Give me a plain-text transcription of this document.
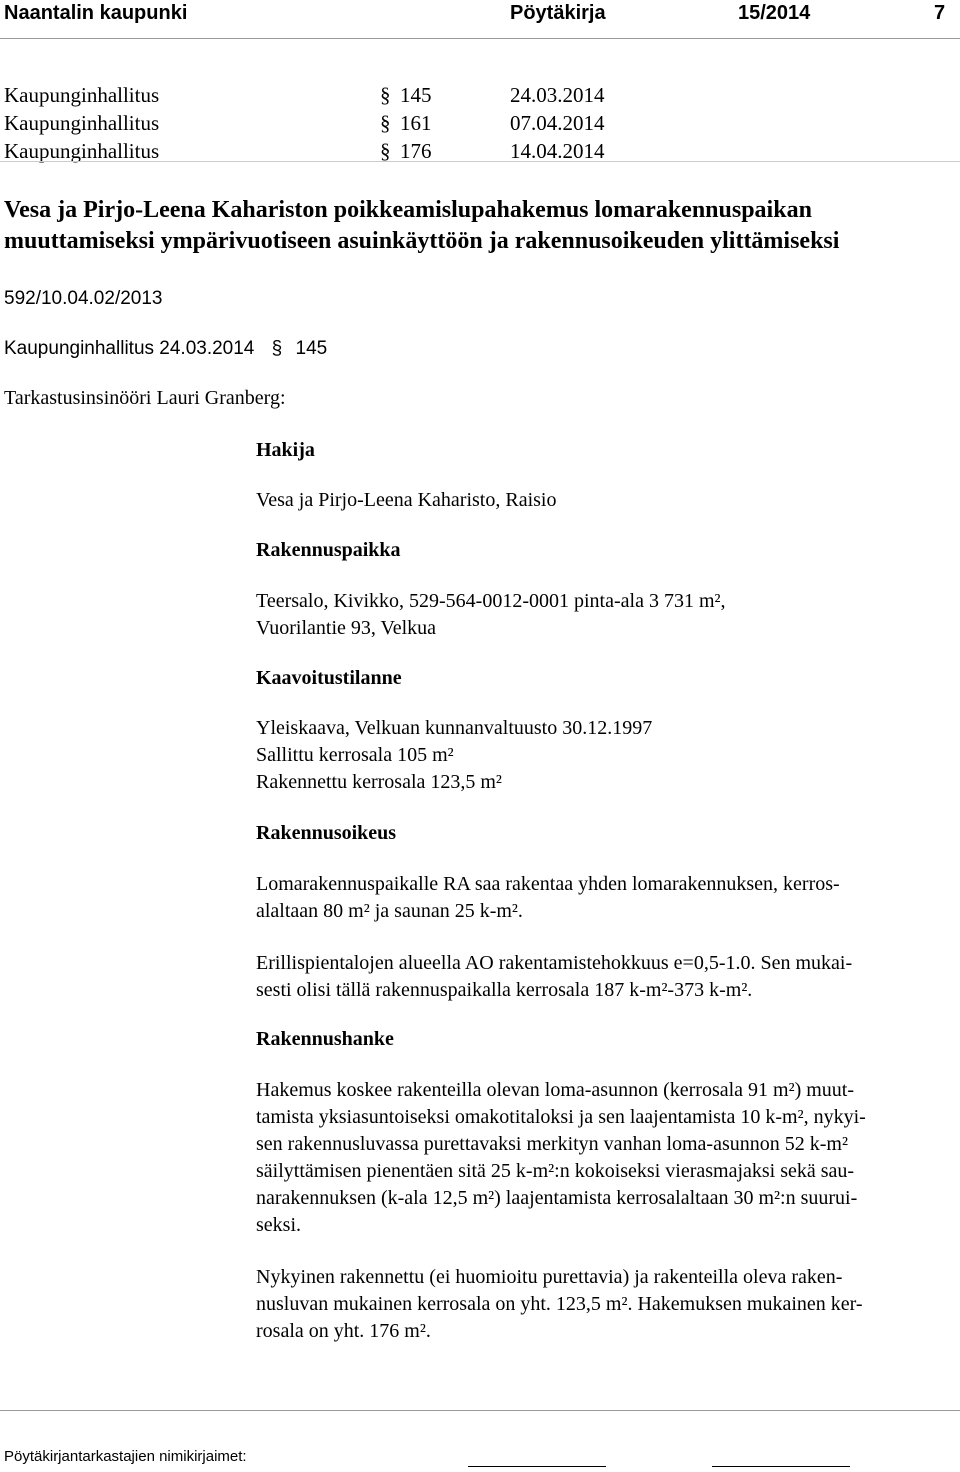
Naantalin kaupunki	Pöytäkirja	15/2014	7
Kaupunginhallitus	§ 145	24.03.2014
Kaupunginhallitus	§ 161	07.04.2014
Kaupunginhallitus	§ 176	14.04.2014
Vesa ja Pirjo-Leena Kahariston poikkeamislupahakemus lomarakennuspaikan
muuttamiseksi ympärivuotiseen asuinkäyttöön ja rakennusoikeuden ylittämiseksi
592/10.04.02/2013
Kaupunginhallitus 24.03.2014 § 145
Tarkastusinsinööri Lauri Granberg:
Hakija
Vesa ja Pirjo-Leena Kaharisto, Raisio
Rakennuspaikka
Teersalo, Kivikko, 529-564-0012-0001 pinta-ala 3 731 m²,
Vuorilantie 93, Velkua
Kaavoitustilanne
Yleiskaava, Velkuan kunnanvaltuusto 30.12.1997
Sallittu kerrosala 105 m²
Rakennettu kerrosala 123,5 m²
Rakennusoikeus
Lomarakennuspaikalle RA saa rakentaa yhden lomarakennuksen, kerros-
alaltaan 80 m² ja saunan 25 k-m².
Erillispientalojen alueella AO rakentamistehokkuus e=0,5-1.0. Sen mukai-
sesti olisi tällä rakennuspaikalla kerrosala 187 k-m²-373 k-m².
Rakennushanke
Hakemus koskee rakenteilla olevan loma-asunnon (kerrosala 91 m²) muut-
tamista yksiasuntoiseksi omakotitaloksi ja sen laajentamista 10 k-m², nykyi-
sen rakennusluvassa purettavaksi merkityn vanhan loma-asunnon 52 k-m²
säilyttämisen pienentäen sitä 25 k-m²:n kokoiseksi vierasmajaksi sekä sau-
narakennuksen (k-ala 12,5 m²) laajentamista kerrosalaltaan 30 m²:n suurui-
seksi.
Nykyinen rakennettu (ei huomioitu purettavia) ja rakenteilla oleva raken-
nusluvan mukainen kerrosala on yht. 123,5 m². Hakemuksen mukainen ker-
rosala on yht. 176 m².
Pöytäkirjantarkastajien nimikirjaimet:
